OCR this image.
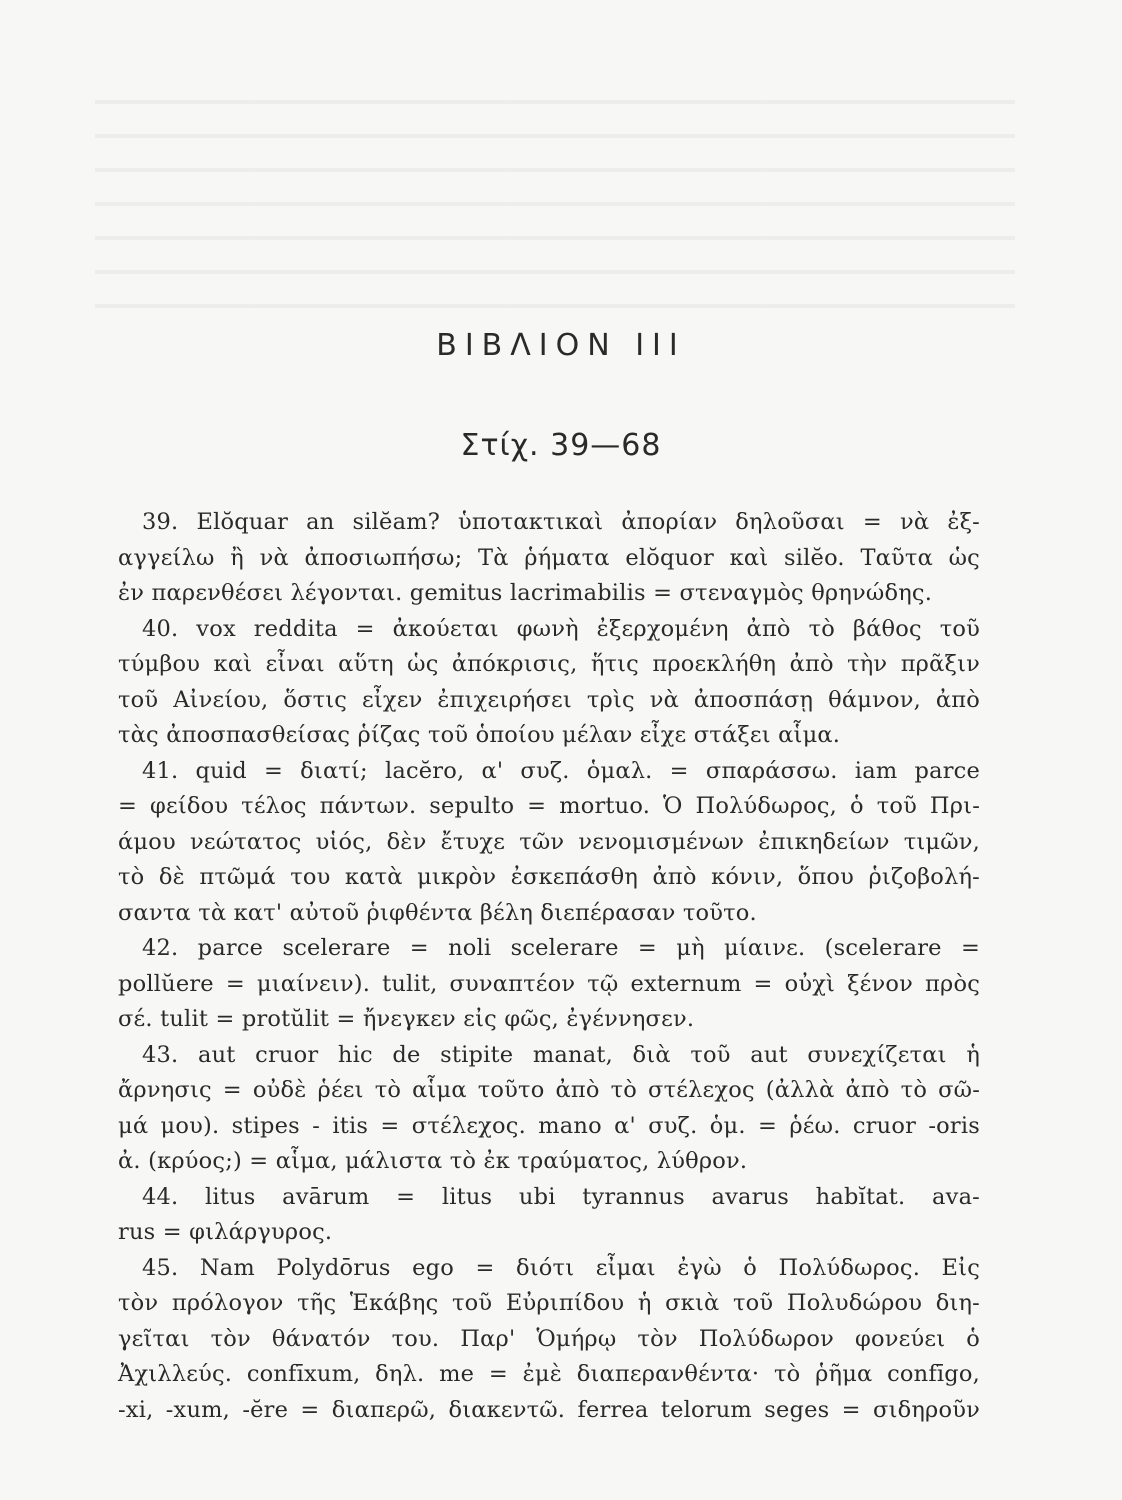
ΒΙΒΛΙΟΝ ΙΙΙ
Στίχ. 39—68
39. Elŏquar an silĕam? ὑποτακτικαὶ ἀπορίαν δηλοῦσαι = νὰ ἐξ-
αγγείλω ἢ νὰ ἀποσιωπήσω; Τὰ ῥήματα elŏquor καὶ silĕo. Ταῦτα ὡς
ἐν παρενθέσει λέγονται. gemitus lacrimabilis = στεναγμὸς θρηνώδης.
40. vox reddita = ἀκούεται φωνὴ ἐξερχομένη ἀπὸ τὸ βάθος τοῦ
τύμβου καὶ εἶναι αὕτη ὡς ἀπόκρισις, ἥτις προεκλήθη ἀπὸ τὴν πρᾶξιν
τοῦ Αἰνείου, ὅστις εἶχεν ἐπιχειρήσει τρὶς νὰ ἀποσπάσῃ θάμνον, ἀπὸ
τὰς ἀποσπασθείσας ῥίζας τοῦ ὁποίου μέλαν εἶχε στάξει αἷμα.
41. quid = διατί; lacĕro, α' συζ. ὁμαλ. = σπαράσσω. iam parce
= φείδου τέλος πάντων. sepulto = mortuo. Ὁ Πολύδωρος, ὁ τοῦ Πρι-
άμου νεώτατος υἱός, δὲν ἔτυχε τῶν νενομισμένων ἐπικηδείων τιμῶν,
τὸ δὲ πτῶμά του κατὰ μικρὸν ἐσκεπάσθη ἀπὸ κόνιν, ὅπου ῥιζοβολή-
σαντα τὰ κατ' αὐτοῦ ῥιφθέντα βέλη διεπέρασαν τοῦτο.
42. parce scelerare = noli scelerare = μὴ μίαινε. (scelerare =
pollŭere = μιαίνειν). tulit, συναπτέον τῷ externum = οὐχὶ ξένον πρὸς
σέ. tulit = protŭlit = ἤνεγκεν εἰς φῶς, ἐγέννησεν.
43. aut cruor hic de stipite manat, διὰ τοῦ aut συνεχίζεται ἡ
ἄρνησις = οὐδὲ ῥέει τὸ αἷμα τοῦτο ἀπὸ τὸ στέλεχος (ἀλλὰ ἀπὸ τὸ σῶ-
μά μου). stipes - itis = στέλεχος. mano α' συζ. ὁμ. = ῥέω. cruor -oris
ἀ. (κρύος;) = αἷμα, μάλιστα τὸ ἐκ τραύματος, λύθρον.
44. litus avārum = litus ubi tyrannus avarus habĭtat. ava-
rus = φιλάργυρος.
45. Nam Polydōrus ego = διότι εἶμαι ἐγὼ ὁ Πολύδωρος. Εἰς
τὸν πρόλογον τῆς Ἑκάβης τοῦ Εὐριπίδου ἡ σκιὰ τοῦ Πολυδώρου διη-
γεῖται τὸν θάνατόν του. Παρ' Ὁμήρῳ τὸν Πολύδωρον φονεύει ὁ
Ἀχιλλεύς. confīxum, δηλ. me = ἐμὲ διαπερανθέντα· τὸ ῥῆμα confīgo,
-xi, -xum, -ĕre = διαπερῶ, διακεντῶ. ferrea telorum seges = σιδηροῦν
